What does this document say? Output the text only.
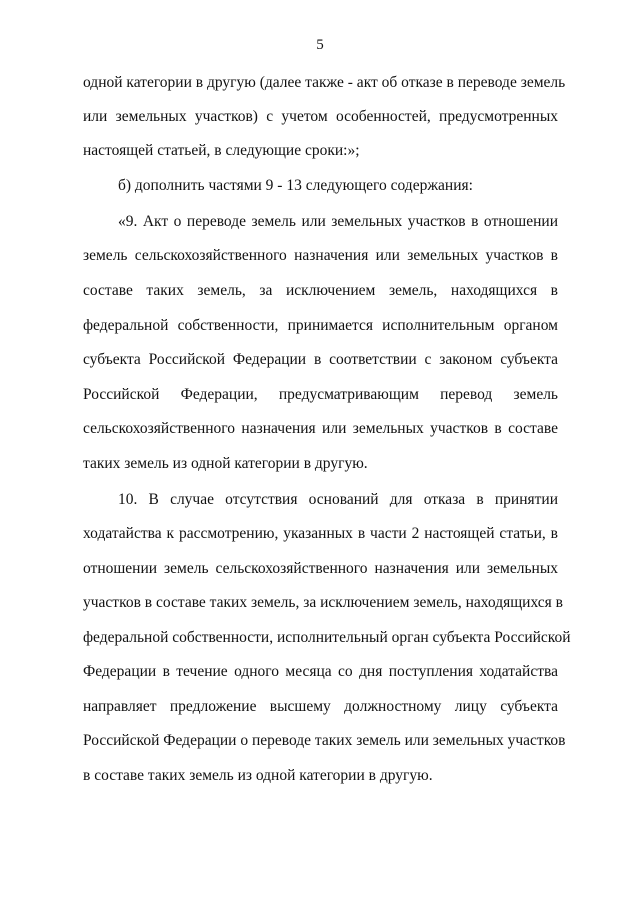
5
одной категории в другую (далее также - акт об отказе в переводе земель
или земельных участков) с учетом особенностей, предусмотренных
настоящей статьей, в следующие сроки:»;
б) дополнить частями 9 - 13 следующего содержания:
«9. Акт о переводе земель или земельных участков в отношении
земель сельскохозяйственного назначения или земельных участков в
составе таких земель, за исключением земель, находящихся в
федеральной собственности, принимается исполнительным органом
субъекта Российской Федерации в соответствии с законом субъекта
Российской Федерации, предусматривающим перевод земель
сельскохозяйственного назначения или земельных участков в составе
таких земель из одной категории в другую.
10. В случае отсутствия оснований для отказа в принятии
ходатайства к рассмотрению, указанных в части 2 настоящей статьи, в
отношении земель сельскохозяйственного назначения или земельных
участков в составе таких земель, за исключением земель, находящихся в
федеральной собственности, исполнительный орган субъекта Российской
Федерации в течение одного месяца со дня поступления ходатайства
направляет предложение высшему должностному лицу субъекта
Российской Федерации о переводе таких земель или земельных участков
в составе таких земель из одной категории в другую.
